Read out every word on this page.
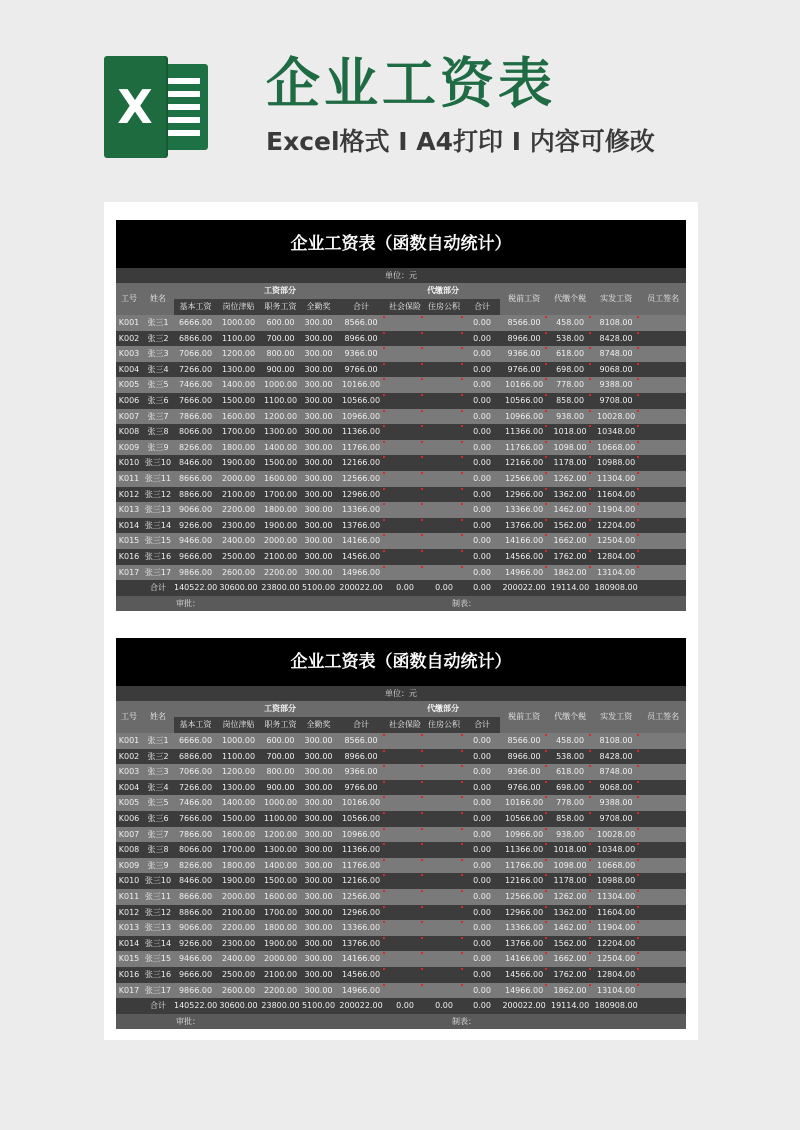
X 企业工资表
Excel格式 I A4打印 I 内容可修改
企业工资表（函数自动统计）
单位：元
工号	姓名	工资部分					代缴部分			税前工资	代缴个税	实发工资	员工签名
		基本工资	岗位津贴	职务工资	全勤奖	合计	社会保险	住房公积	合计				
K001	张三1	6666.00	1000.00	600.00	300.00	8566.00			0.00	8566.00	458.00	8108.00	
K002	张三2	6866.00	1100.00	700.00	300.00	8966.00			0.00	8966.00	538.00	8428.00	
K003	张三3	7066.00	1200.00	800.00	300.00	9366.00			0.00	9366.00	618.00	8748.00	
K004	张三4	7266.00	1300.00	900.00	300.00	9766.00			0.00	9766.00	698.00	9068.00	
K005	张三5	7466.00	1400.00	1000.00	300.00	10166.00			0.00	10166.00	778.00	9388.00	
K006	张三6	7666.00	1500.00	1100.00	300.00	10566.00			0.00	10566.00	858.00	9708.00	
K007	张三7	7866.00	1600.00	1200.00	300.00	10966.00			0.00	10966.00	938.00	10028.00	
K008	张三8	8066.00	1700.00	1300.00	300.00	11366.00			0.00	11366.00	1018.00	10348.00	
K009	张三9	8266.00	1800.00	1400.00	300.00	11766.00			0.00	11766.00	1098.00	10668.00	
K010	张三10	8466.00	1900.00	1500.00	300.00	12166.00			0.00	12166.00	1178.00	10988.00	
K011	张三11	8666.00	2000.00	1600.00	300.00	12566.00			0.00	12566.00	1262.00	11304.00	
K012	张三12	8866.00	2100.00	1700.00	300.00	12966.00			0.00	12966.00	1362.00	11604.00	
K013	张三13	9066.00	2200.00	1800.00	300.00	13366.00			0.00	13366.00	1462.00	11904.00	
K014	张三14	9266.00	2300.00	1900.00	300.00	13766.00			0.00	13766.00	1562.00	12204.00	
K015	张三15	9466.00	2400.00	2000.00	300.00	14166.00			0.00	14166.00	1662.00	12504.00	
K016	张三16	9666.00	2500.00	2100.00	300.00	14566.00			0.00	14566.00	1762.00	12804.00	
K017	张三17	9866.00	2600.00	2200.00	300.00	14966.00			0.00	14966.00	1862.00	13104.00	
	合计	140522.00	30600.00	23800.00	5100.00	200022.00	0.00	0.00	0.00	200022.00	19114.00	180908.00	
审批：	制表：
企业工资表（函数自动统计）
单位：元
工号	姓名	工资部分					代缴部分			税前工资	代缴个税	实发工资	员工签名
		基本工资	岗位津贴	职务工资	全勤奖	合计	社会保险	住房公积	合计				
K001	张三1	6666.00	1000.00	600.00	300.00	8566.00			0.00	8566.00	458.00	8108.00	
K002	张三2	6866.00	1100.00	700.00	300.00	8966.00			0.00	8966.00	538.00	8428.00	
K003	张三3	7066.00	1200.00	800.00	300.00	9366.00			0.00	9366.00	618.00	8748.00	
K004	张三4	7266.00	1300.00	900.00	300.00	9766.00			0.00	9766.00	698.00	9068.00	
K005	张三5	7466.00	1400.00	1000.00	300.00	10166.00			0.00	10166.00	778.00	9388.00	
K006	张三6	7666.00	1500.00	1100.00	300.00	10566.00			0.00	10566.00	858.00	9708.00	
K007	张三7	7866.00	1600.00	1200.00	300.00	10966.00			0.00	10966.00	938.00	10028.00	
K008	张三8	8066.00	1700.00	1300.00	300.00	11366.00			0.00	11366.00	1018.00	10348.00	
K009	张三9	8266.00	1800.00	1400.00	300.00	11766.00			0.00	11766.00	1098.00	10668.00	
K010	张三10	8466.00	1900.00	1500.00	300.00	12166.00			0.00	12166.00	1178.00	10988.00	
K011	张三11	8666.00	2000.00	1600.00	300.00	12566.00			0.00	12566.00	1262.00	11304.00	
K012	张三12	8866.00	2100.00	1700.00	300.00	12966.00			0.00	12966.00	1362.00	11604.00	
K013	张三13	9066.00	2200.00	1800.00	300.00	13366.00			0.00	13366.00	1462.00	11904.00	
K014	张三14	9266.00	2300.00	1900.00	300.00	13766.00			0.00	13766.00	1562.00	12204.00	
K015	张三15	9466.00	2400.00	2000.00	300.00	14166.00			0.00	14166.00	1662.00	12504.00	
K016	张三16	9666.00	2500.00	2100.00	300.00	14566.00			0.00	14566.00	1762.00	12804.00	
K017	张三17	9866.00	2600.00	2200.00	300.00	14966.00			0.00	14966.00	1862.00	13104.00	
	合计	140522.00	30600.00	23800.00	5100.00	200022.00	0.00	0.00	0.00	200022.00	19114.00	180908.00	
审批：	制表：
